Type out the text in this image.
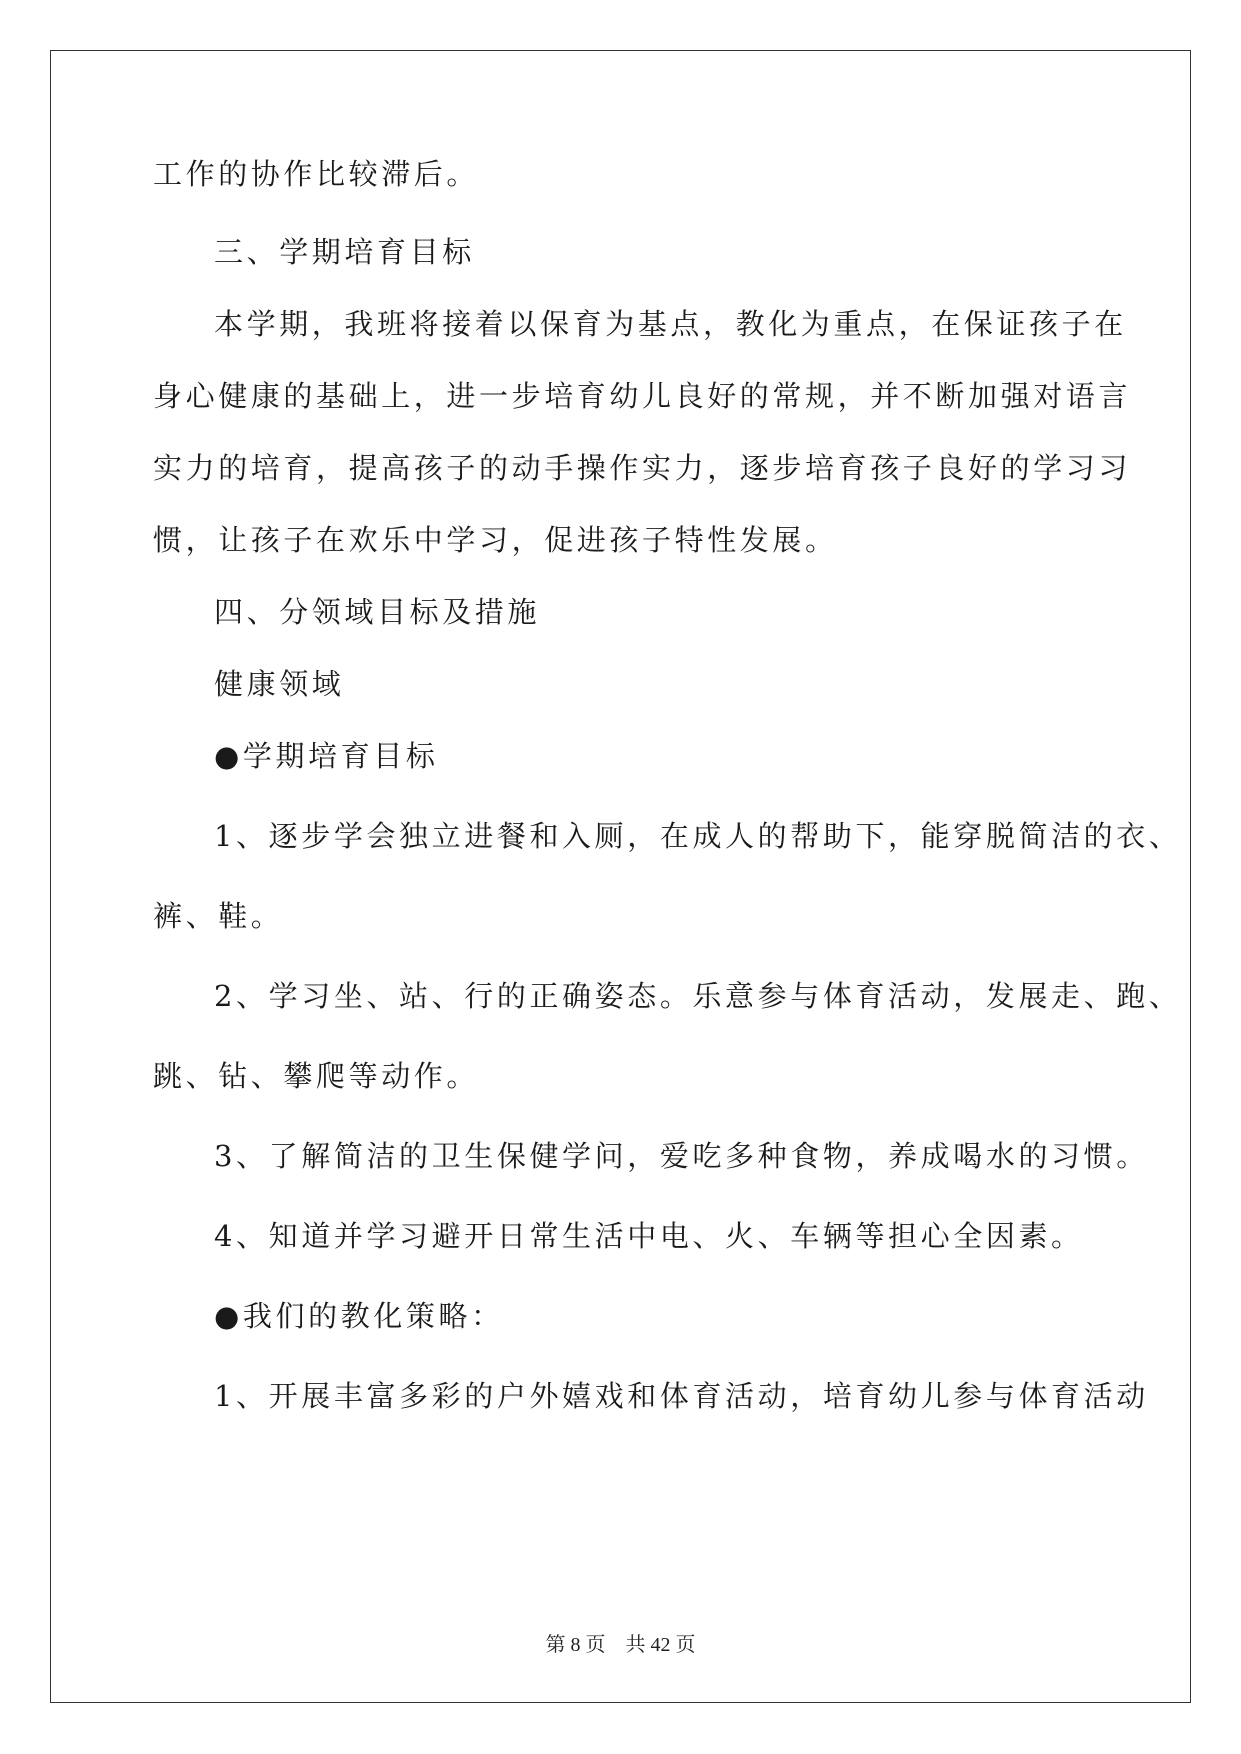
工作的协作比较滞后。
三、学期培育目标
本学期，我班将接着以保育为基点，教化为重点，在保证孩子在
身心健康的基础上，进一步培育幼儿良好的常规，并不断加强对语言
实力的培育，提高孩子的动手操作实力，逐步培育孩子良好的学习习
惯，让孩子在欢乐中学习，促进孩子特性发展。
四、分领域目标及措施
健康领域
●学期培育目标
1、逐步学会独立进餐和入厕，在成人的帮助下，能穿脱简洁的衣、
裤、鞋。
2、学习坐、站、行的正确姿态。乐意参与体育活动，发展走、跑、
跳、钻、攀爬等动作。
3、了解简洁的卫生保健学问，爱吃多种食物，养成喝水的习惯。
4、知道并学习避开日常生活中电、火、车辆等担心全因素。
●我们的教化策略：
1、开展丰富多彩的户外嬉戏和体育活动，培育幼儿参与体育活动
第 8 页　共 42 页
